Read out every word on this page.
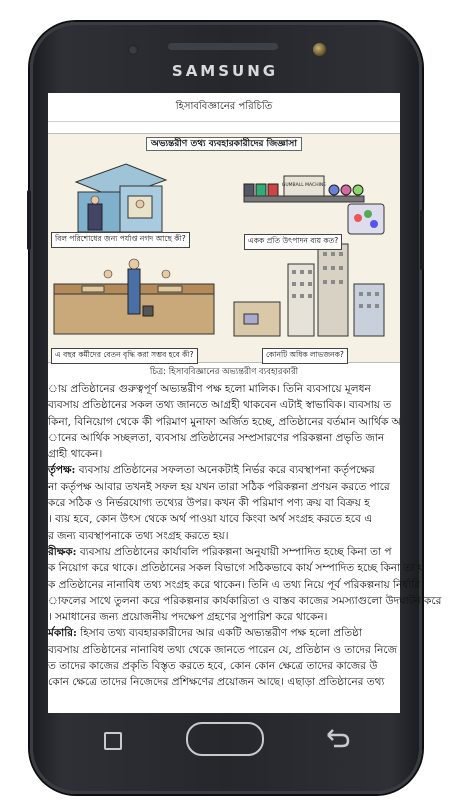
SAMSUNG
হিসাববিজ্ঞানের পরিচিতি
GUMBALL MACHINE
অভ্যন্তরীণ তথ্য ব্যবহারকারীদের জিজ্ঞাসা
বিল পরিশোধের জন্য পর্যাপ্ত নগদ আছে কী?	একক প্রতি উৎপাদন ব্যয় কত?
এ বছর কর্মীদের বেতন বৃদ্ধি করা সম্ভব হবে কী?	কোনটি অধিক লাভজনক?
চিত্র: হিসাববিজ্ঞানের অভ্যন্তরীণ ব্যবহারকারী

ায় প্রতিষ্ঠানের গুরুত্বপূর্ণ অভ্যন্তরীণ পক্ষ হলো মালিক। তিনি ব্যবসায়ে মূলধন
ব্যবসায় প্রতিষ্ঠানের সকল তথ্য জানতে আগ্রহী থাকবেন এটাই স্বাভাবিক। ব্যবসায় ত
কিনা, বিনিয়োগ থেকে কী পরিমাণ মুনাফা অর্জিত হচ্ছে, প্রতিষ্ঠানের বর্তমান আর্থিক অ
ানের আর্থিক সচ্ছলতা, ব্যবসায় প্রতিষ্ঠানের সম্প্রসারণের পরিকল্পনা প্রভৃতি জান
গ্রাহী থাকেন।

র্তৃপক্ষ: ব্যবসায় প্রতিষ্ঠানের সফলতা অনেকটাই নির্ভর করে ব্যবস্থাপনা কর্তৃপক্ষের
না কর্তৃপক্ষ আবার তখনই সফল হয় যখন তারা সঠিক পরিকল্পনা প্রণয়ন করতে পারে
করে সঠিক ও নির্ভরযোগ্য তথ্যের উপর। কখন কী পরিমাণ পণ্য ক্রয় বা বিক্রয় হ
। ব্যয় হবে, কোন উৎস থেকে অর্থ পাওয়া যাবে কিংবা অর্থ সংগ্রহ করতে হবে এ
র জন্য ব্যবস্থাপনাকে তথ্য সংগ্রহ করতে হয়।

রীক্ষক: ব্যবসায় প্রতিষ্ঠানের কার্যাবলি পরিকল্পনা অনুযায়ী সম্পাদিত হচ্ছে কিনা তা প
ক নিয়োগ করে থাকে। প্রতিষ্ঠানের সকল বিভাগে সঠিকভাবে কার্য সম্পাদিত হচ্ছে কিনা তা য
ক প্রতিষ্ঠানের নানাবিধ তথ্য সংগ্রহ করে থাকেন। তিনি এ তথ্য নিয়ে পূর্ব পরিকল্পনায় নির্ধারি
াফলের সাথে তুলনা করে পরিকল্পনার কার্যকারিতা ও বাস্তব কাজের সমস্যাগুলো উদঘাটন করে
। সমাধানের জন্য প্রয়োজনীয় পদক্ষেপ গ্রহণের সুপারিশ করে থাকেন।

র্মকারি: হিসাব তথ্য ব্যবহারকারীদের আর একটি অভ্যন্তরীণ পক্ষ হলো প্রতিষ্ঠা
ব্যবসায় প্রতিষ্ঠানের নানাবিধ তথ্য থেকে জানতে পারেন যে, প্রতিষ্ঠান ও তাদের নিজে
ত তাদের কাজের প্রকৃতি বিস্তৃত করতে হবে, কোন কোন ক্ষেত্রে তাদের কাজের উ
কোন ক্ষেত্রে তাদের নিজেদের প্রশিক্ষণের প্রয়োজন আছে। এছাড়া প্রতিষ্ঠানের তথ্য
